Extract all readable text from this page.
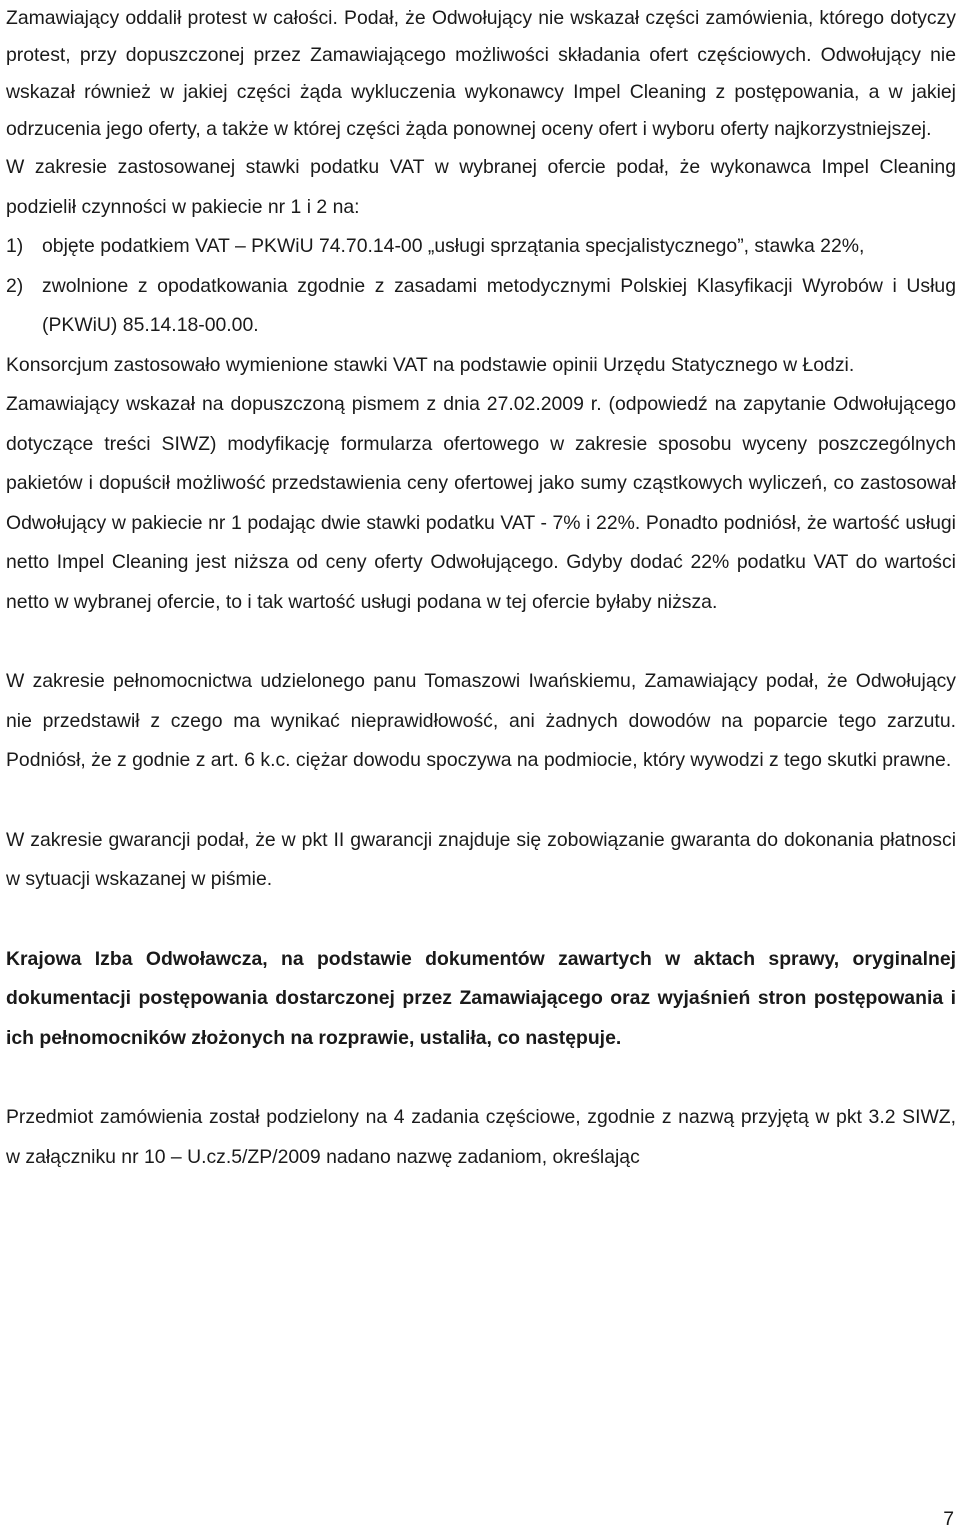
Zamawiający oddalił protest w całości. Podał, że Odwołujący nie wskazał części zamówienia, którego dotyczy protest, przy dopuszczonej przez Zamawiającego możliwości składania ofert częściowych. Odwołujący nie wskazał również w jakiej części żąda wykluczenia wykonawcy Impel Cleaning z postępowania, a w jakiej odrzucenia jego oferty, a także w której części żąda ponownej oceny ofert i wyboru oferty najkorzystniejszej.

W zakresie zastosowanej stawki podatku VAT w wybranej ofercie podał, że wykonawca Impel Cleaning podzielił czynności w pakiecie nr 1 i 2 na:

1) objęte podatkiem VAT – PKWiU 74.70.14-00 „usługi sprzątania specjalistycznego”, stawka 22%,
2) zwolnione z opodatkowania zgodnie z zasadami metodycznymi Polskiej Klasyfikacji Wyrobów i Usług (PKWiU) 85.14.18-00.00.

Konsorcjum zastosowało wymienione stawki VAT na podstawie opinii Urzędu Statycznego w Łodzi.

Zamawiający wskazał na dopuszczoną pismem z dnia 27.02.2009 r. (odpowiedź na zapytanie Odwołującego dotyczące treści SIWZ) modyfikację formularza ofertowego w zakresie sposobu wyceny poszczególnych pakietów i dopuścił możliwość przedstawienia ceny ofertowej jako sumy cząstkowych wyliczeń, co zastosował Odwołujący w pakiecie nr 1 podając dwie stawki podatku VAT - 7% i 22%. Ponadto podniósł, że wartość usługi netto Impel Cleaning jest niższa od ceny oferty Odwołującego. Gdyby dodać 22% podatku VAT do wartości netto w wybranej ofercie, to i tak wartość usługi podana w tej ofercie byłaby niższa.

W zakresie pełnomocnictwa udzielonego panu Tomaszowi Iwańskiemu, Zamawiający podał, że Odwołujący nie przedstawił z czego ma wynikać nieprawidłowość, ani żadnych dowodów na poparcie tego zarzutu. Podniósł, że z godnie z art. 6 k.c. ciężar dowodu spoczywa na podmiocie, który wywodzi z tego skutki prawne.

W zakresie gwarancji podał, że w pkt II gwarancji znajduje się zobowiązanie gwaranta do dokonania płatnosci w sytuacji wskazanej w piśmie.

Krajowa Izba Odwoławcza, na podstawie dokumentów zawartych w aktach sprawy, oryginalnej dokumentacji postępowania dostarczonej przez Zamawiającego oraz wyjaśnień stron postępowania i ich pełnomocników złożonych na rozprawie, ustaliła, co następuje.

Przedmiot zamówienia został podzielony na 4 zadania częściowe, zgodnie z nazwą przyjętą w pkt 3.2 SIWZ, w załączniku nr 10 – U.cz.5/ZP/2009 nadano nazwę zadaniom, określając

7
